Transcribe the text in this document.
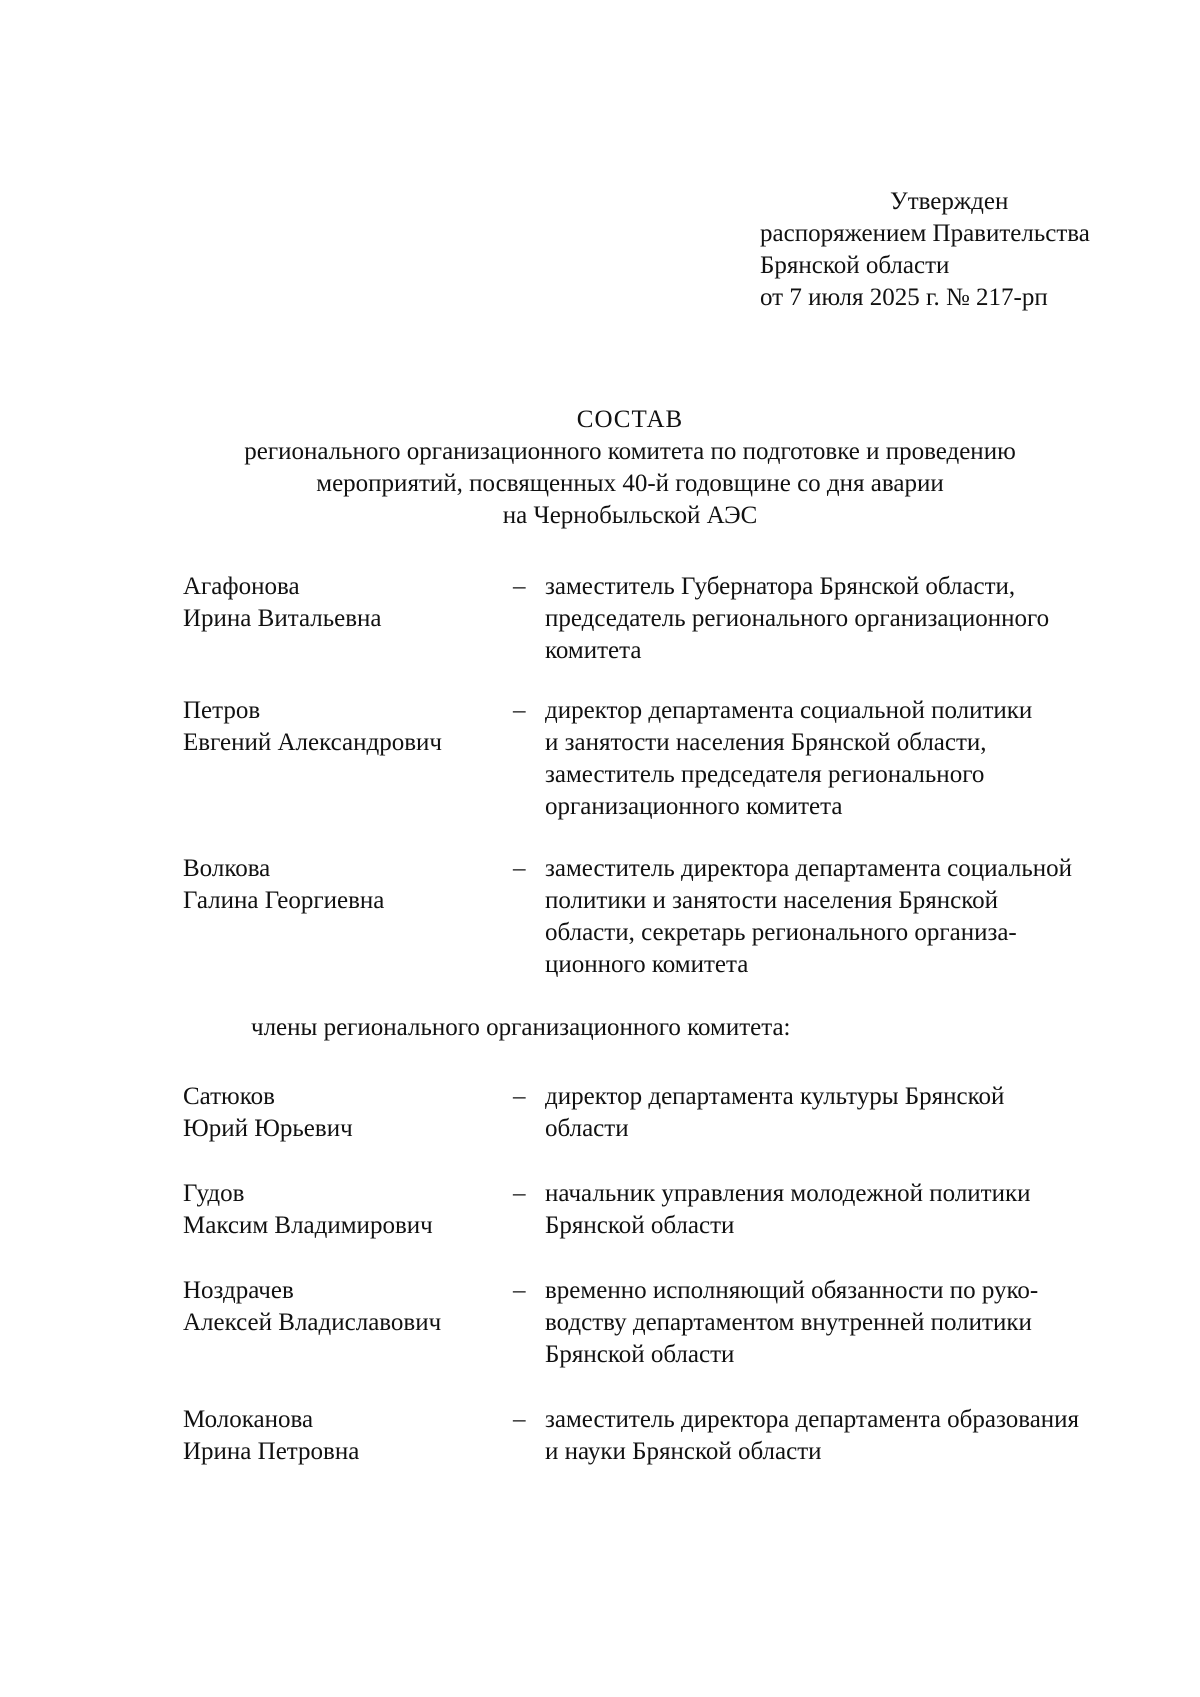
Утвержден
распоряжением Правительства
Брянской области
от 7 июля 2025 г. № 217-рп
СОСТАВ
регионального организационного комитета по подготовке и проведению
мероприятий, посвященных 40-й годовщине со дня аварии
на Чернобыльской АЭС
Агафонова
Ирина Витальевна
– заместитель Губернатора Брянской области,
председатель регионального организационного
комитета
Петров
Евгений Александрович
– директор департамента социальной политики
и занятости населения Брянской области,
заместитель председателя регионального
организационного комитета
Волкова
Галина Георгиевна
– заместитель директора департамента социальной
политики и занятости населения Брянской
области, секретарь регионального организа-
ционного комитета
члены регионального организационного комитета:
Сатюков
Юрий Юрьевич
– директор департамента культуры Брянской
области
Гудов
Максим Владимирович
– начальник управления молодежной политики
Брянской области
Ноздрачев
Алексей Владиславович
– временно исполняющий обязанности по руко-
водству департаментом внутренней политики
Брянской области
Молоканова
Ирина Петровна
– заместитель директора департамента образования
и науки Брянской области
